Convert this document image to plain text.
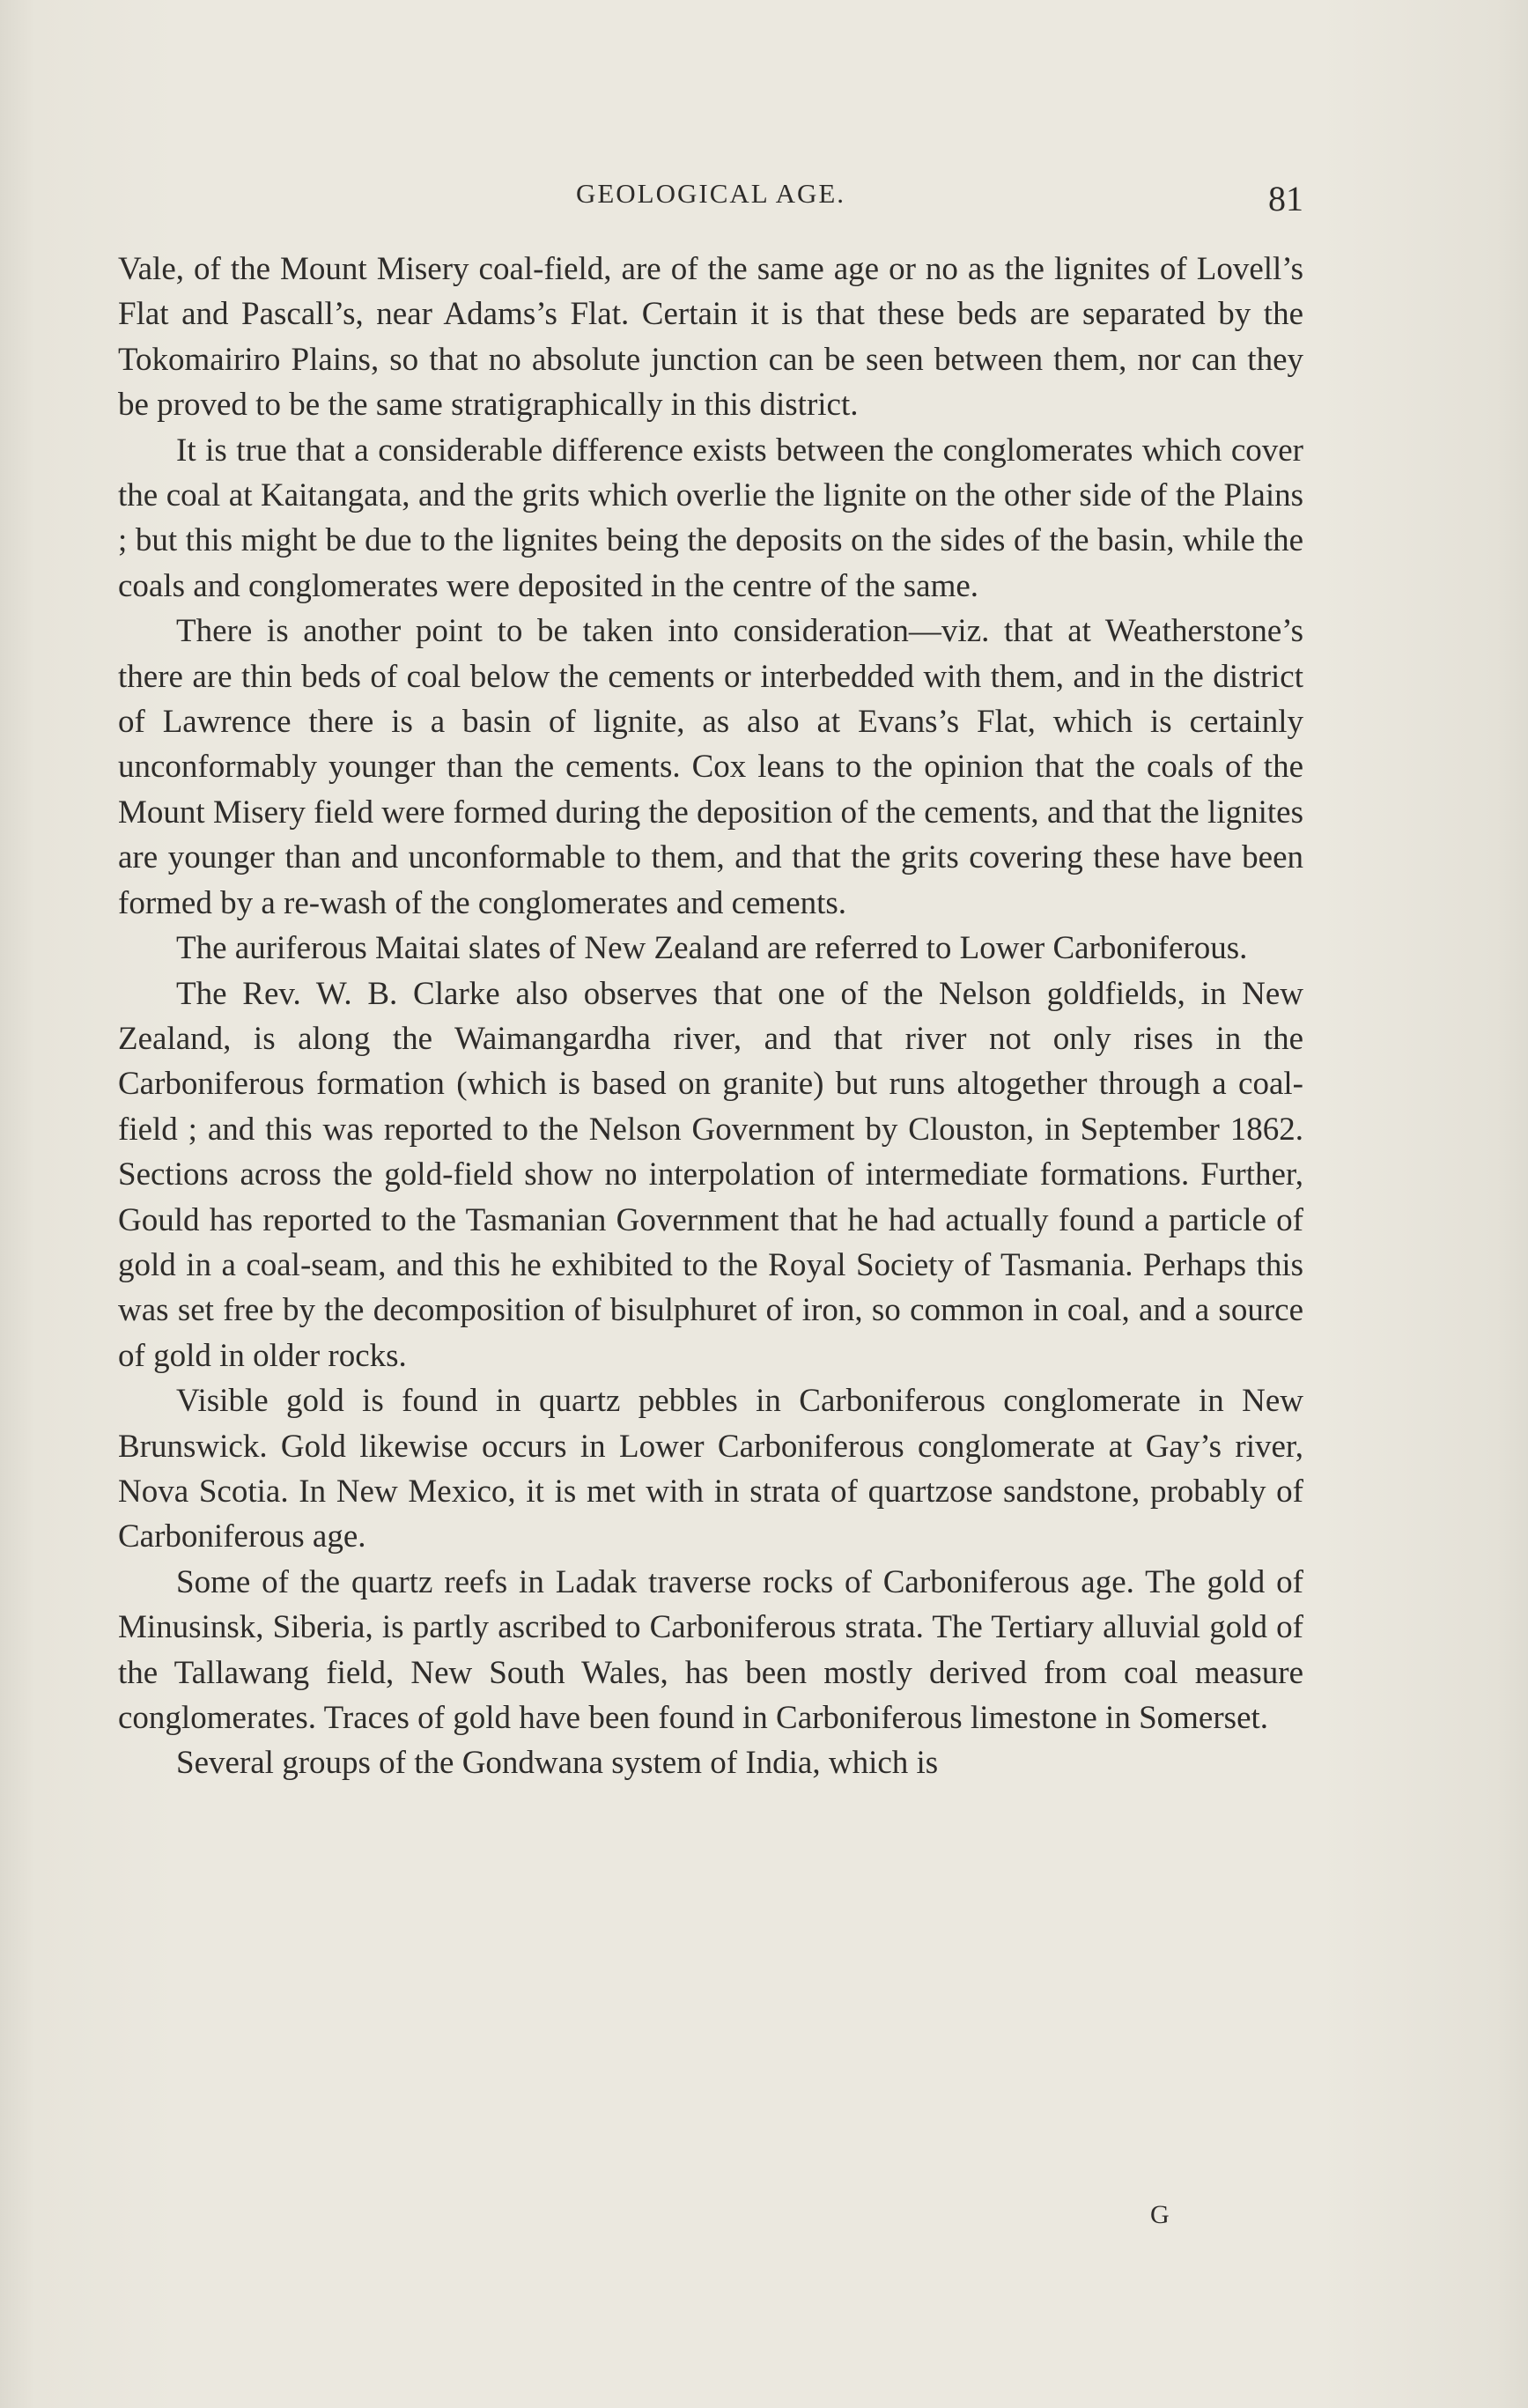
GEOLOGICAL AGE.	81

Vale, of the Mount Misery coal-field, are of the same age or no as the lignites of Lovell’s Flat and Pascall’s, near Adams’s Flat. Certain it is that these beds are separated by the Tokomairiro Plains, so that no absolute junction can be seen between them, nor can they be proved to be the same stratigraphically in this district.

It is true that a considerable difference exists between the conglomerates which cover the coal at Kaitangata, and the grits which overlie the lignite on the other side of the Plains ; but this might be due to the lignites being the deposits on the sides of the basin, while the coals and conglomerates were deposited in the centre of the same.

There is another point to be taken into consideration—viz. that at Weatherstone’s there are thin beds of coal below the cements or interbedded with them, and in the district of Lawrence there is a basin of lignite, as also at Evans’s Flat, which is certainly unconformably younger than the cements. Cox leans to the opinion that the coals of the Mount Misery field were formed during the deposition of the cements, and that the lignites are younger than and unconformable to them, and that the grits covering these have been formed by a re-wash of the conglomerates and cements.

The auriferous Maitai slates of New Zealand are referred to Lower Carboniferous.

The Rev. W. B. Clarke also observes that one of the Nelson goldfields, in New Zealand, is along the Waimangardha river, and that river not only rises in the Carboniferous formation (which is based on granite) but runs altogether through a coal-field ; and this was reported to the Nelson Government by Clouston, in September 1862. Sections across the gold-field show no interpolation of intermediate formations. Further, Gould has reported to the Tasmanian Government that he had actually found a particle of gold in a coal-seam, and this he exhibited to the Royal Society of Tasmania. Perhaps this was set free by the decomposition of bisulphuret of iron, so common in coal, and a source of gold in older rocks.

Visible gold is found in quartz pebbles in Carboniferous conglomerate in New Brunswick. Gold likewise occurs in Lower Carboniferous conglomerate at Gay’s river, Nova Scotia. In New Mexico, it is met with in strata of quartzose sandstone, probably of Carboniferous age.

Some of the quartz reefs in Ladak traverse rocks of Carboniferous age. The gold of Minusinsk, Siberia, is partly ascribed to Carboniferous strata. The Tertiary alluvial gold of the Tallawang field, New South Wales, has been mostly derived from coal measure conglomerates. Traces of gold have been found in Carboniferous limestone in Somerset.

Several groups of the Gondwana system of India, which is

G
